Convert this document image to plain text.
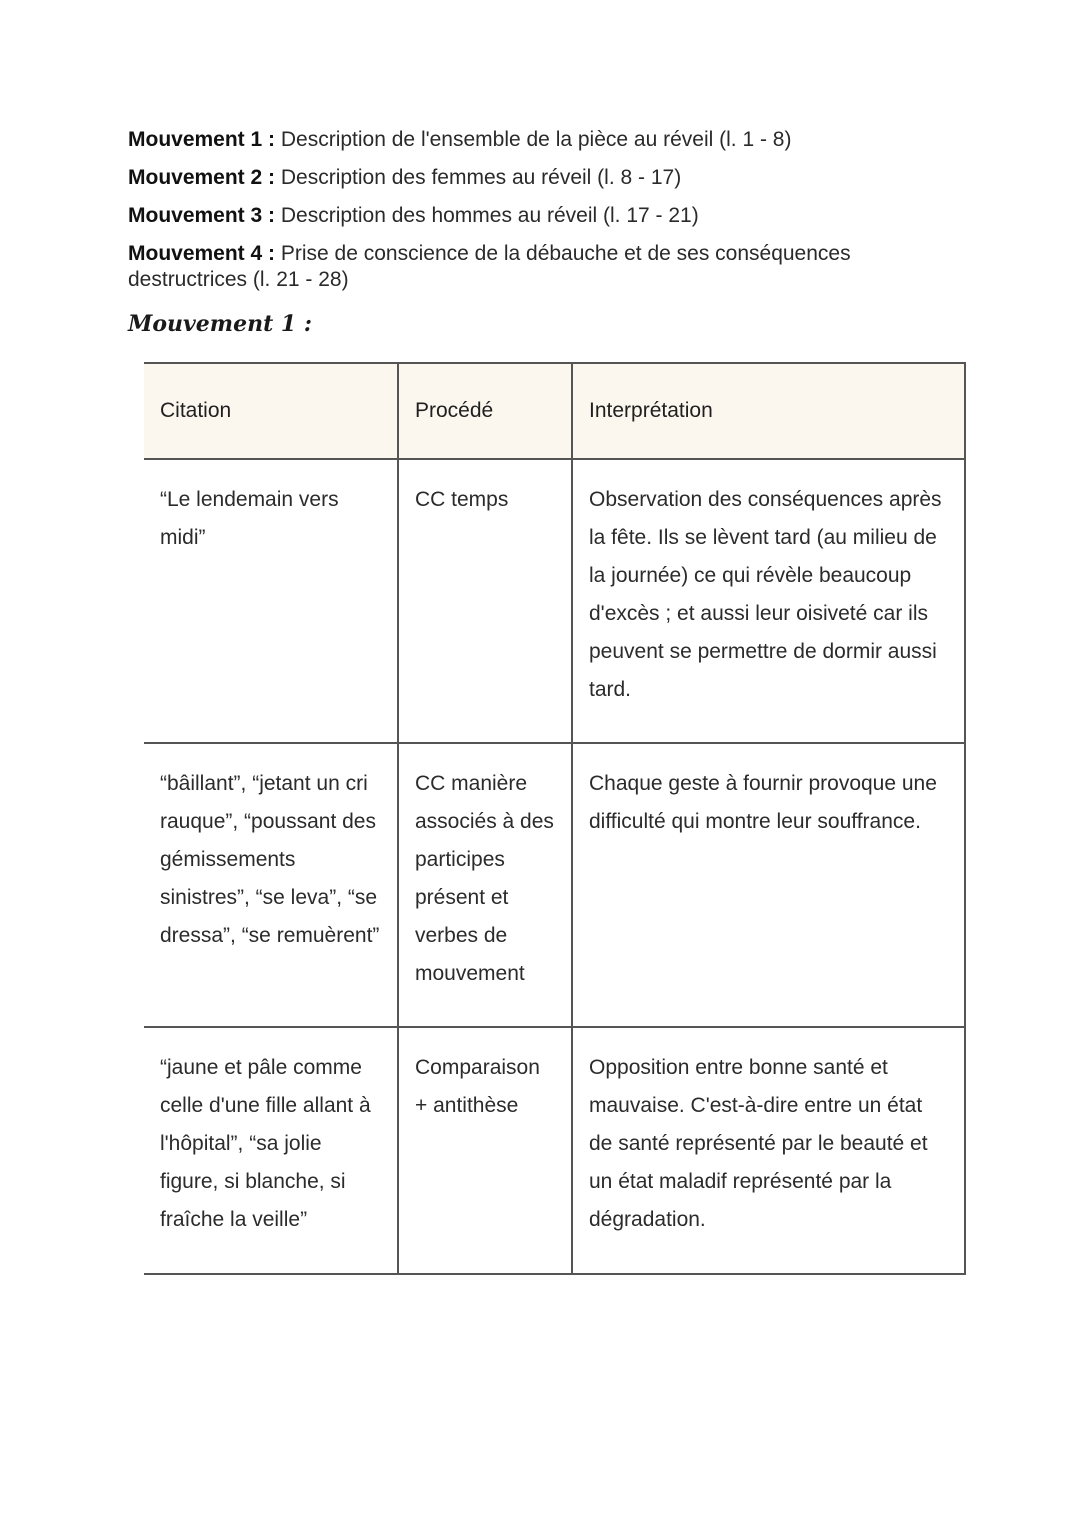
Mouvement 1 : Description de l'ensemble de la pièce au réveil (l. 1 - 8)

Mouvement 2 : Description des femmes au réveil (l. 8 - 17)

Mouvement 3 : Description des hommes au réveil (l. 17 - 21)

Mouvement 4 : Prise de conscience de la débauche et de ses conséquences destructrices (l. 21 - 28)

Mouvement 1 :
Citation	Procédé	Interprétation
“Le lendemain vers midi”	CC temps	Observation des conséquences après la fête. Ils se lèvent tard (au milieu de la journée) ce qui révèle beaucoup d'excès ; et aussi leur oisiveté car ils peuvent se permettre de dormir aussi tard.
“bâillant”, “jetant un cri rauque”, “poussant des gémissements sinistres”, “se leva”, “se dressa”, “se remuèrent”	CC manière associés à des participes présent et verbes de mouvement	Chaque geste à fournir provoque une difficulté qui montre leur souffrance.
“jaune et pâle comme celle d'une fille allant à l'hôpital”, “sa jolie figure, si blanche, si fraîche la veille”	Comparaison + antithèse	Opposition entre bonne santé et mauvaise. C'est-à-dire entre un état de santé représenté par le beauté et un état maladif représenté par la dégradation.
